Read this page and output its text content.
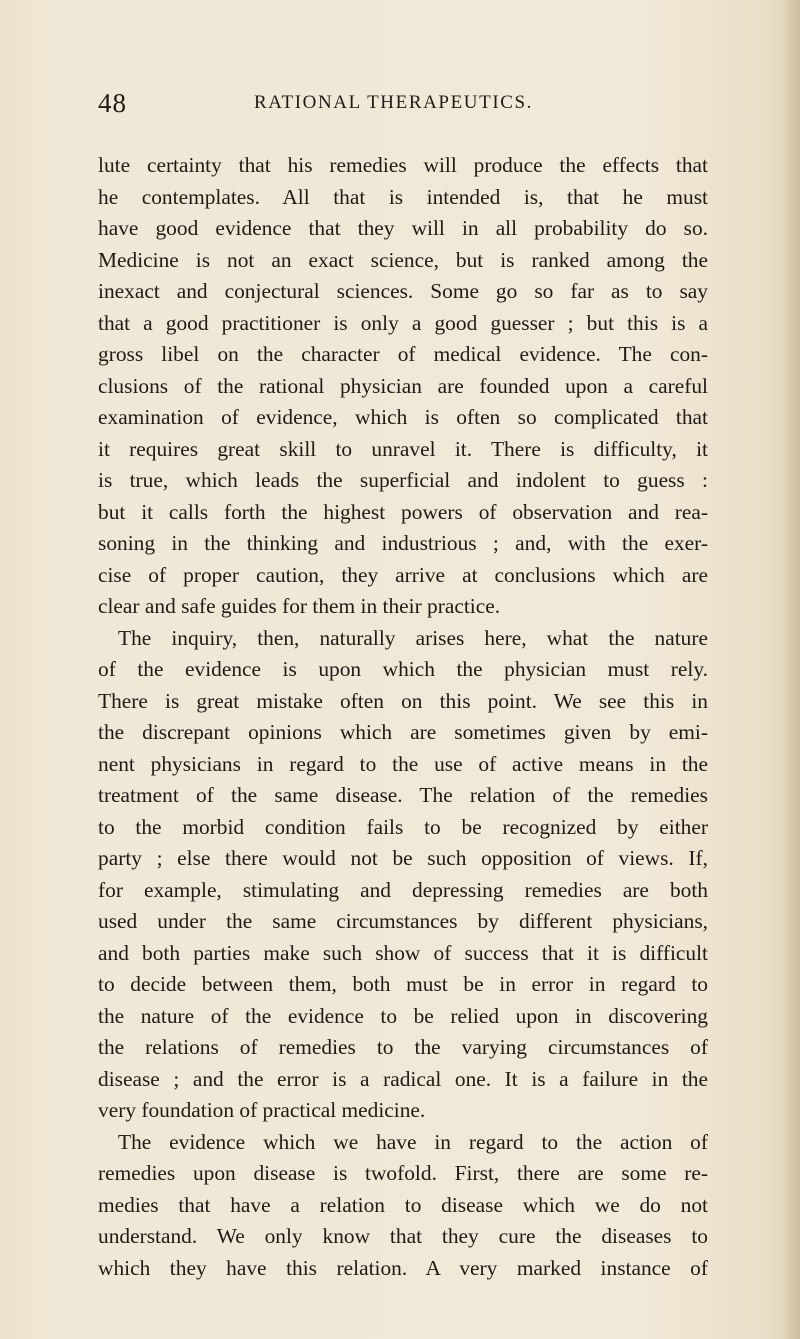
48	RATIONAL THERAPEUTICS.
lute certainty that his remedies will produce the effects that
he contemplates. All that is intended is, that he must
have good evidence that they will in all probability do so.
Medicine is not an exact science, but is ranked among the
inexact and conjectural sciences. Some go so far as to say
that a good practitioner is only a good guesser ; but this is a
gross libel on the character of medical evidence. The con-
clusions of the rational physician are founded upon a careful
examination of evidence, which is often so complicated that
it requires great skill to unravel it. There is difficulty, it
is true, which leads the superficial and indolent to guess :
but it calls forth the highest powers of observation and rea-
soning in the thinking and industrious ; and, with the exer-
cise of proper caution, they arrive at conclusions which are
clear and safe guides for them in their practice.
The inquiry, then, naturally arises here, what the nature
of the evidence is upon which the physician must rely.
There is great mistake often on this point. We see this in
the discrepant opinions which are sometimes given by emi-
nent physicians in regard to the use of active means in the
treatment of the same disease. The relation of the remedies
to the morbid condition fails to be recognized by either
party ; else there would not be such opposition of views. If,
for example, stimulating and depressing remedies are both
used under the same circumstances by different physicians,
and both parties make such show of success that it is difficult
to decide between them, both must be in error in regard to
the nature of the evidence to be relied upon in discovering
the relations of remedies to the varying circumstances of
disease ; and the error is a radical one. It is a failure in the
very foundation of practical medicine.
The evidence which we have in regard to the action of
remedies upon disease is twofold. First, there are some re-
medies that have a relation to disease which we do not
understand. We only know that they cure the diseases to
which they have this relation. A very marked instance of
